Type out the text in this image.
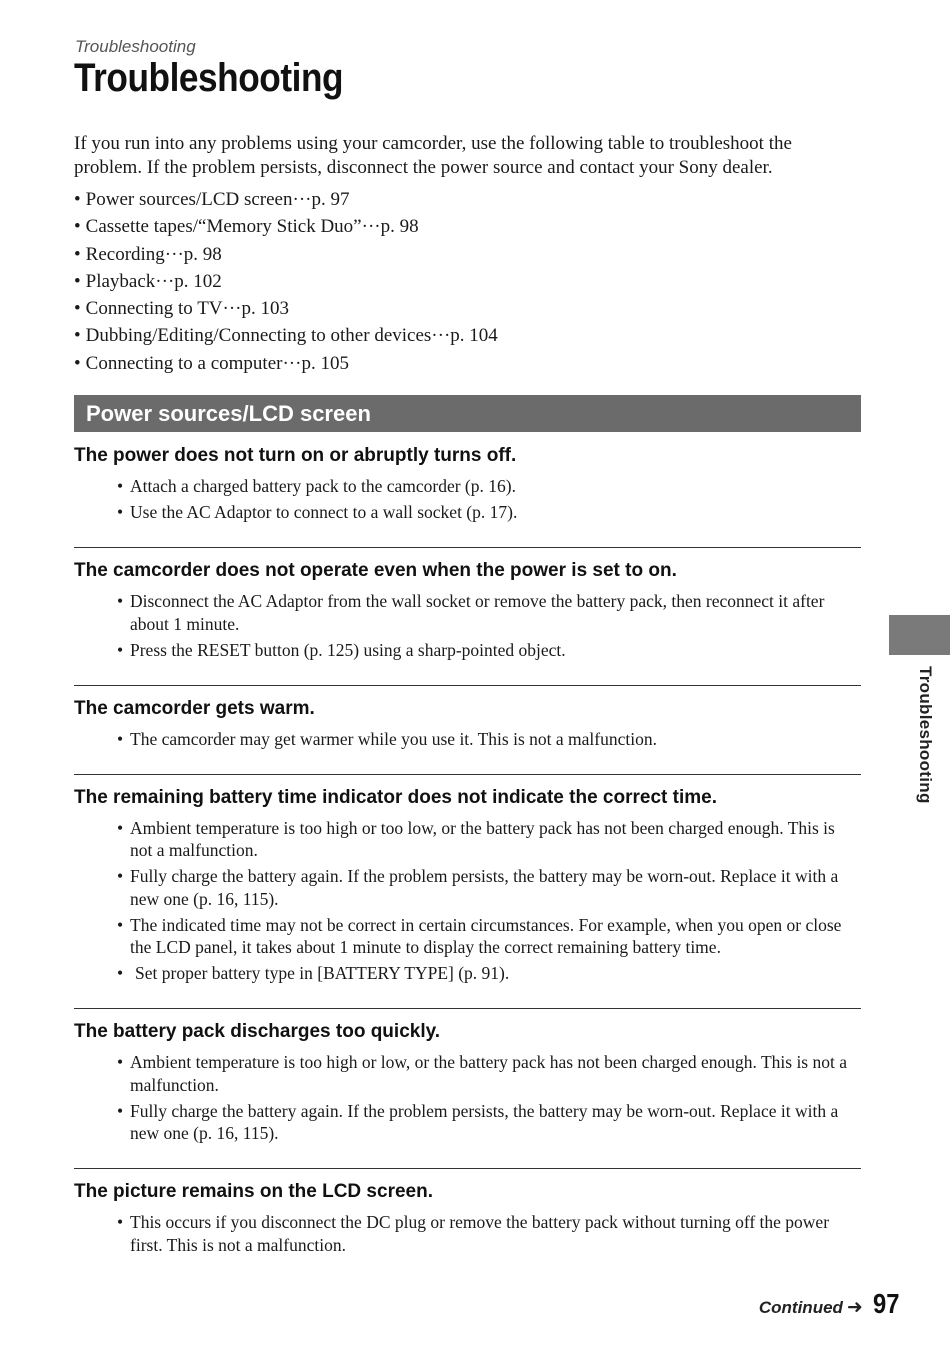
Troubleshooting
Troubleshooting

If you run into any problems using your camcorder, use the following table to troubleshoot the problem. If the problem persists, disconnect the power source and contact your Sony dealer.

• Power sources/LCD screen···p. 97
• Cassette tapes/“Memory Stick Duo”···p. 98
• Recording···p. 98
• Playback···p. 102
• Connecting to TV···p. 103
• Dubbing/Editing/Connecting to other devices···p. 104
• Connecting to a computer···p. 105
Power sources/LCD screen
The power does not turn on or abruptly turns off.
• Attach a charged battery pack to the camcorder (p. 16).
• Use the AC Adaptor to connect to a wall socket (p. 17).
The camcorder does not operate even when the power is set to on.
• Disconnect the AC Adaptor from the wall socket or remove the battery pack, then reconnect it after about 1 minute.
• Press the RESET button (p. 125) using a sharp-pointed object.
The camcorder gets warm.
• The camcorder may get warmer while you use it. This is not a malfunction.
The remaining battery time indicator does not indicate the correct time.
• Ambient temperature is too high or too low, or the battery pack has not been charged enough. This is not a malfunction.
• Fully charge the battery again. If the problem persists, the battery may be worn-out. Replace it with a new one (p. 16, 115).
• The indicated time may not be correct in certain circumstances. For example, when you open or close the LCD panel, it takes about 1 minute to display the correct remaining battery time.
• Set proper battery type in [BATTERY TYPE] (p. 91).
The battery pack discharges too quickly.
• Ambient temperature is too high or low, or the battery pack has not been charged enough. This is not a malfunction.
• Fully charge the battery again. If the problem persists, the battery may be worn-out. Replace it with a new one (p. 16, 115).
The picture remains on the LCD screen.
• This occurs if you disconnect the DC plug or remove the battery pack without turning off the power first. This is not a malfunction.
Troubleshooting
Continued ➜ 97
